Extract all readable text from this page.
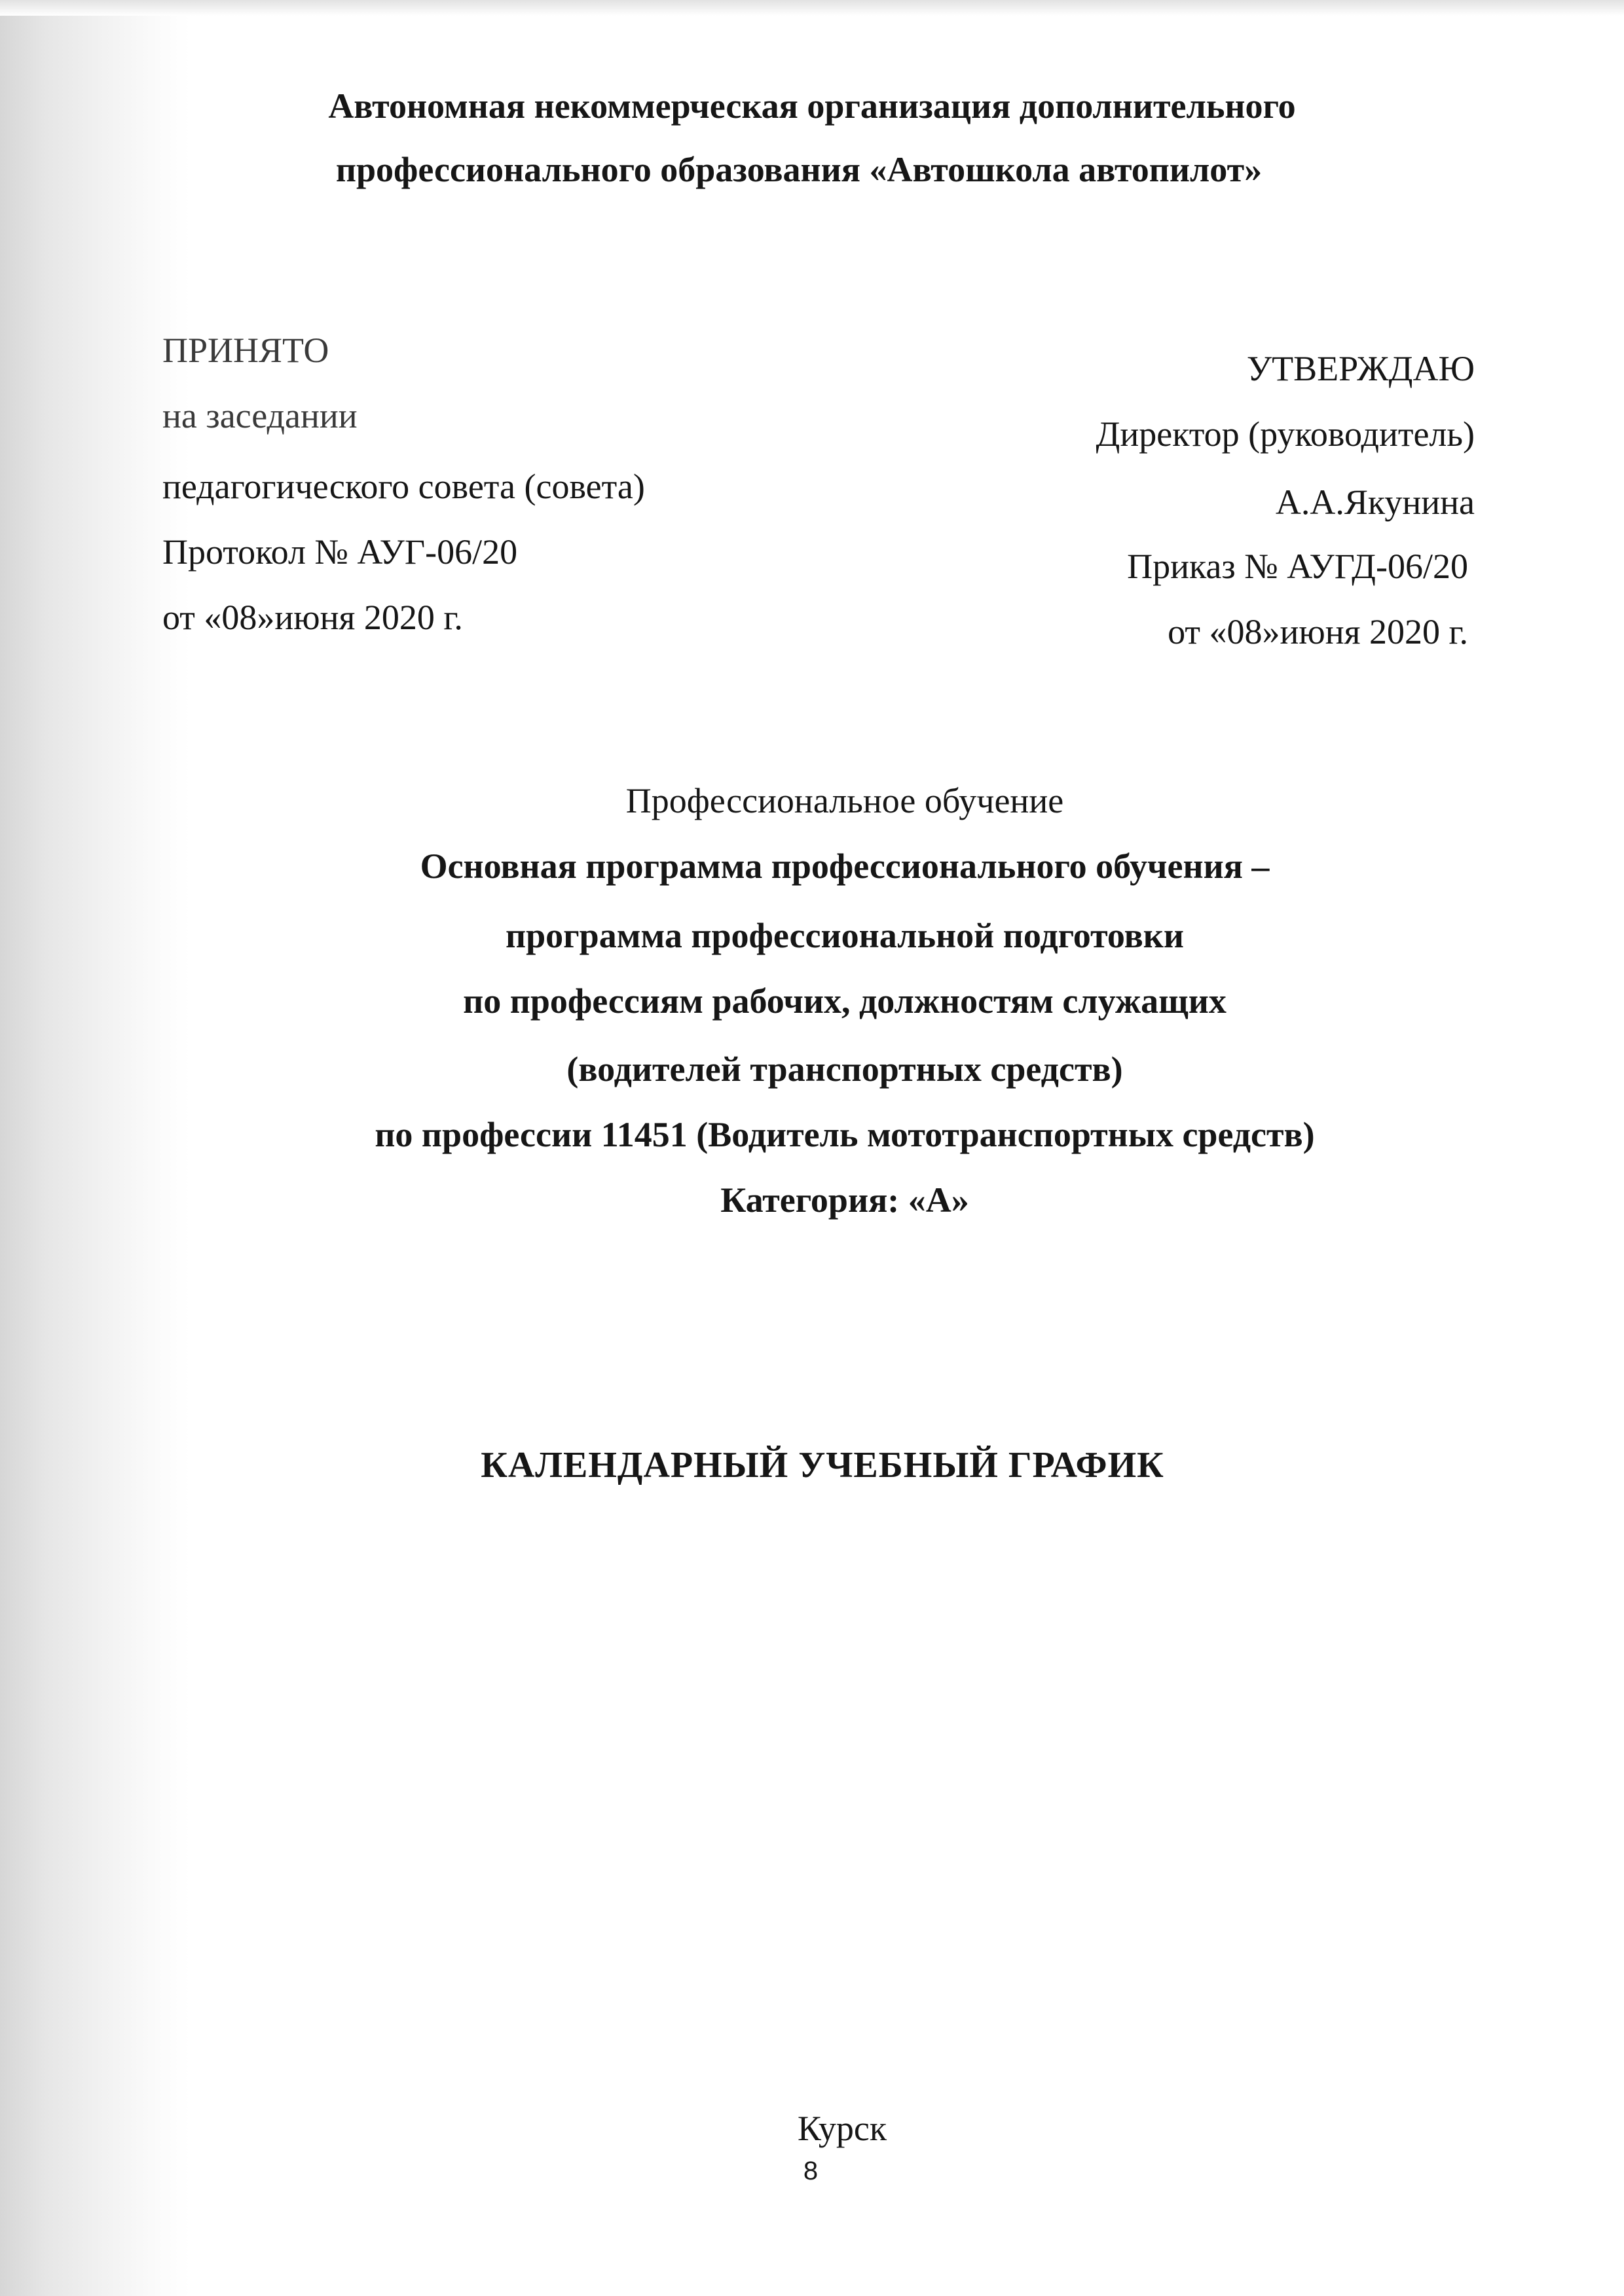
Автономная некоммерческая организация дополнительного
профессионального образования «Автошкола автопилот»
ПРИНЯТО
на заседании
педагогического совета (совета)
Протокол № АУГ-06/20
от «08»июня 2020 г.
УТВЕРЖДАЮ
Директор (руководитель)
А.А.Якунина
Приказ № АУГД-06/20
от «08»июня 2020 г.
Профессиональное обучение
Основная программа профессионального обучения –
программа профессиональной подготовки
по профессиям рабочих, должностям служащих
(водителей транспортных средств)
по профессии 11451 (Водитель мототранспортных средств)
Категория: «А»
КАЛЕНДАРНЫЙ УЧЕБНЫЙ ГРАФИК
Курск
8
